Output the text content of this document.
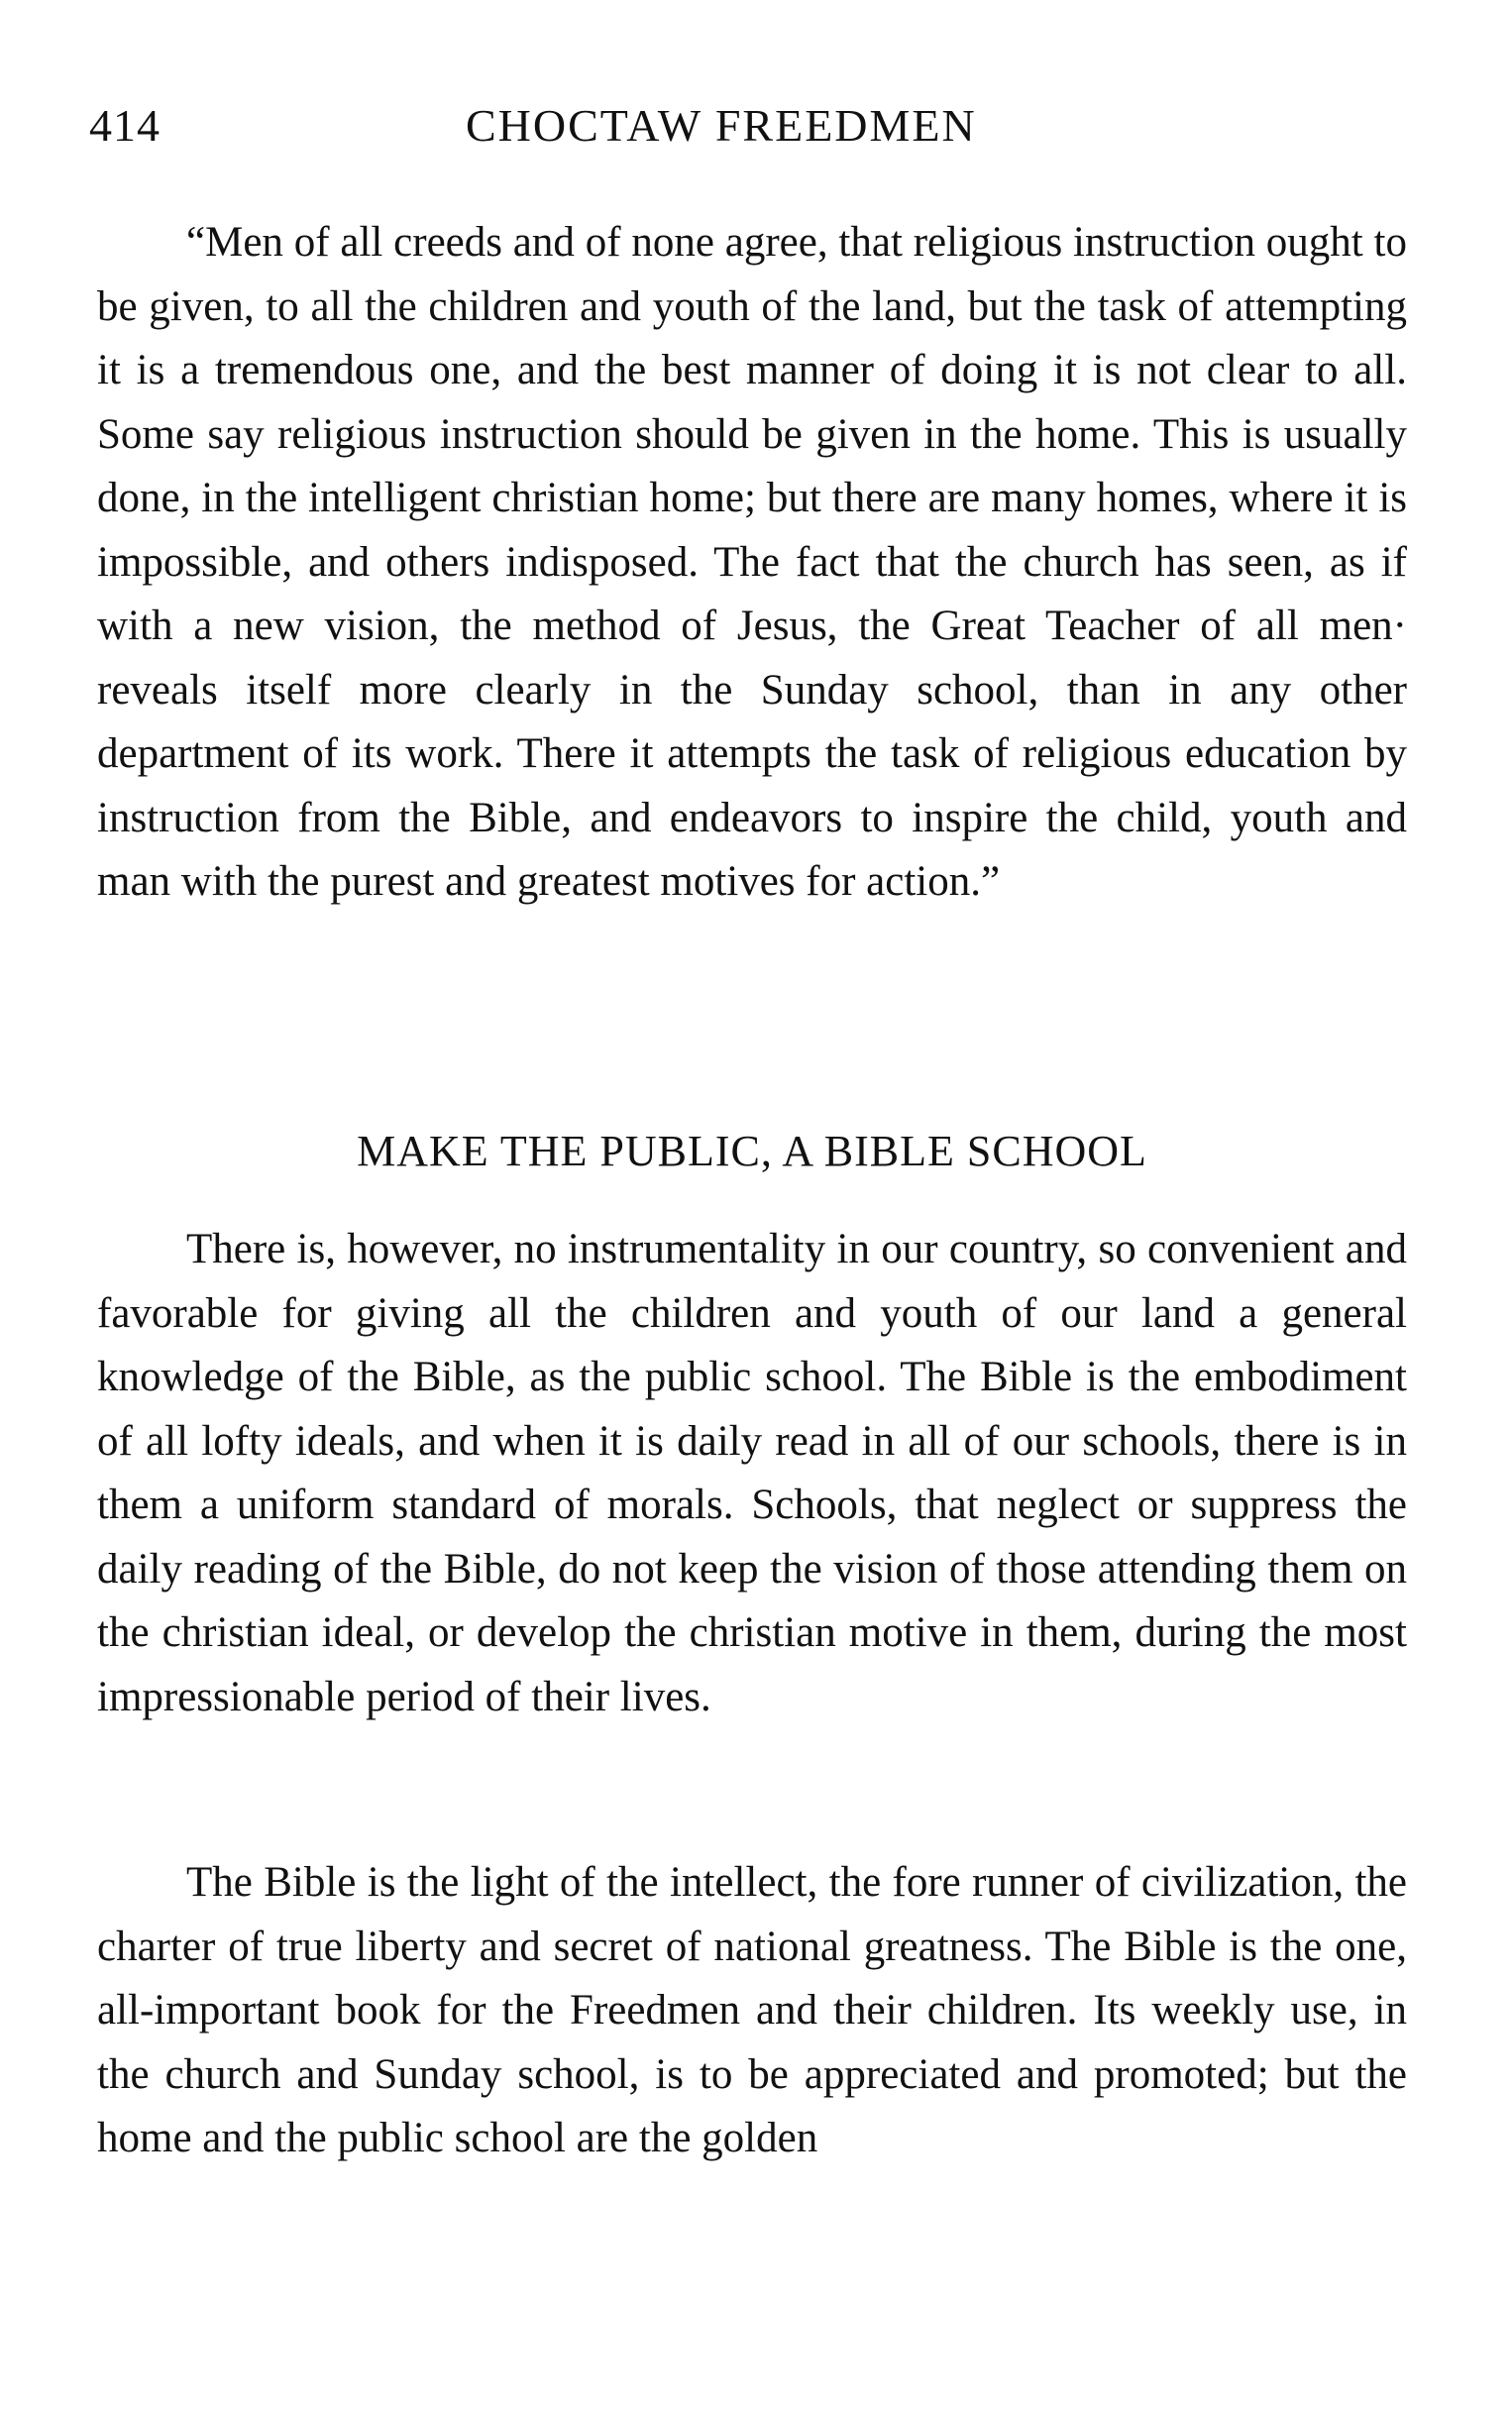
414	CHOCTAW FREEDMEN

“Men of all creeds and of none agree, that religious instruction ought to be given, to all the children and youth of the land, but the task of attempting it is a tremendous one, and the best manner of doing it is not clear to all. Some say religious instruction should be given in the home. This is usually done, in the intelligent christian home; but there are many homes, where it is impossible, and others indisposed. The fact that the church has seen, as if with a new vision, the method of Jesus, the Great Teacher of all men· reveals itself more clearly in the Sunday school, than in any other department of its work. There it attempts the task of religious education by instruction from the Bible, and endeavors to inspire the child, youth and man with the purest and greatest motives for action.”

MAKE THE PUBLIC, A BIBLE SCHOOL

There is, however, no instrumentality in our country, so convenient and favorable for giving all the children and youth of our land a general knowledge of the Bible, as the public school. The Bible is the embodiment of all lofty ideals, and when it is daily read in all of our schools, there is in them a uniform standard of morals. Schools, that neglect or suppress the daily reading of the Bible, do not keep the vision of those attending them on the christian ideal, or develop the christian motive in them, during the most impressionable period of their lives.

The Bible is the light of the intellect, the fore runner of civilization, the charter of true liberty and secret of national greatness. The Bible is the one, all-important book for the Freedmen and their children. Its weekly use, in the church and Sunday school, is to be appreciated and promoted; but the home and the public school are the golden
